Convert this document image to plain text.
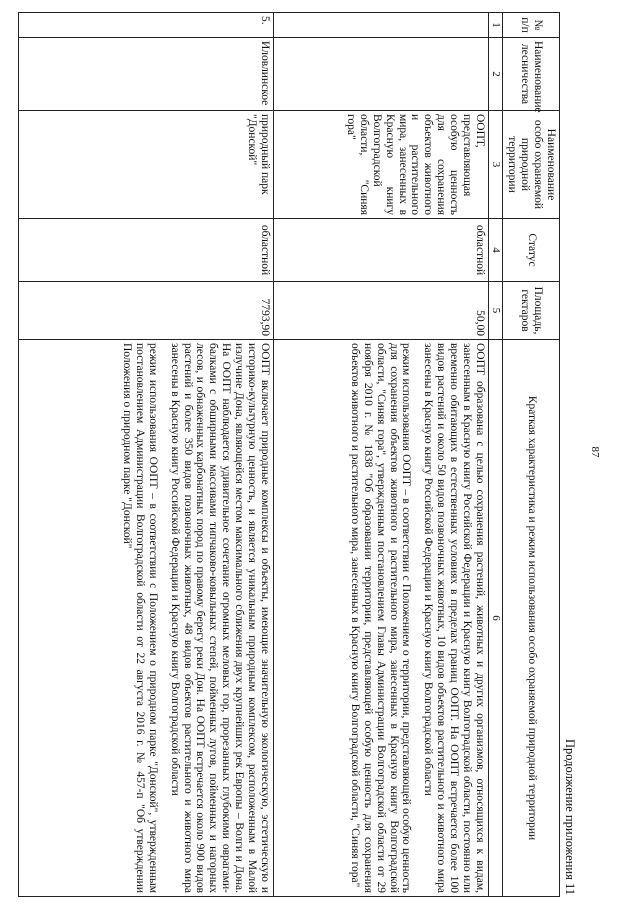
87
Продолжение приложения 11
№ п/п	Наименование лесничества	Наименование особо охраняемой природной территории	Статус	Площадь, гектаров	Краткая характеристика и режим использования особо охраняемой природной территории
1	2	3	4	5	6
		ООПТ, представляющая особую ценность для сохранения объектов животного и растительного мира, занесенных в Красную книгу Волгоградской области, "Синяя гора"	областной	50,00	ООПТ образована с целью сохранения растений, животных и других организмов, относящихся к видам, занесенным в Красную книгу Российской Федерации и Красную книгу Волгоградской области, постоянно или временно обитающих в естественных условиях в пределах границ ООПТ. На ООПТ встречается более 100 видов растений и около 50 видов позвоночных животных, 10 видов объектов растительного и животного мира занесены в Красную книгу Российской Федерации и Красную книгу Волгоградской области

режим использования ООПТ – в соответствии с Положением о территории, представляющей особую ценность для сохранения объектов животного и растительного мира, занесенных в Красную книгу Волгоградской области, "Синяя гора", утвержденным постановлением Главы Администрации Волгоградской области от 29 ноября 2010 г. № 1838 "Об образовании территории, представляющей особую ценность для сохранения объектов животного и растительного мира, занесенных в Красную книгу Волгоградской области, "Синяя гора"

5.	Иловлинское	природный парк "Донской"	областной	7793,90	ООПТ включает природные комплексы и объекты, имеющие значительную экологическую, эстетическую и историко-культурную ценность, и является уникальным природным комплексом, расположенным в Малой излучине Дона, являющейся местом максимального сближения двух крупнейших рек Европы – Волги и Дона. На ООПТ наблюдается удивительное сочетание огромных меловых гор, прорезанных глубокими оврагами-балками с обширными массивами типчаково-ковыльных степей, пойменных лугов, пойменных и нагорных лесов, и обнаженных карбонатных пород по правому берегу реки Дон. На ООПТ встречается около 900 видов растений и более 350 видов позвоночных животных, 48 видов объектов растительного и животного мира занесены в Красную книгу Российской Федерации и Красную книгу Волгоградской области

режим использования ООПТ – в соответствии с Положением о природном парке "Донской", утвержденным постановлением Администрации Волгоградской области от 22 августа 2016 г. № 457-п "Об утверждении Положения о природном парке "Донской"
